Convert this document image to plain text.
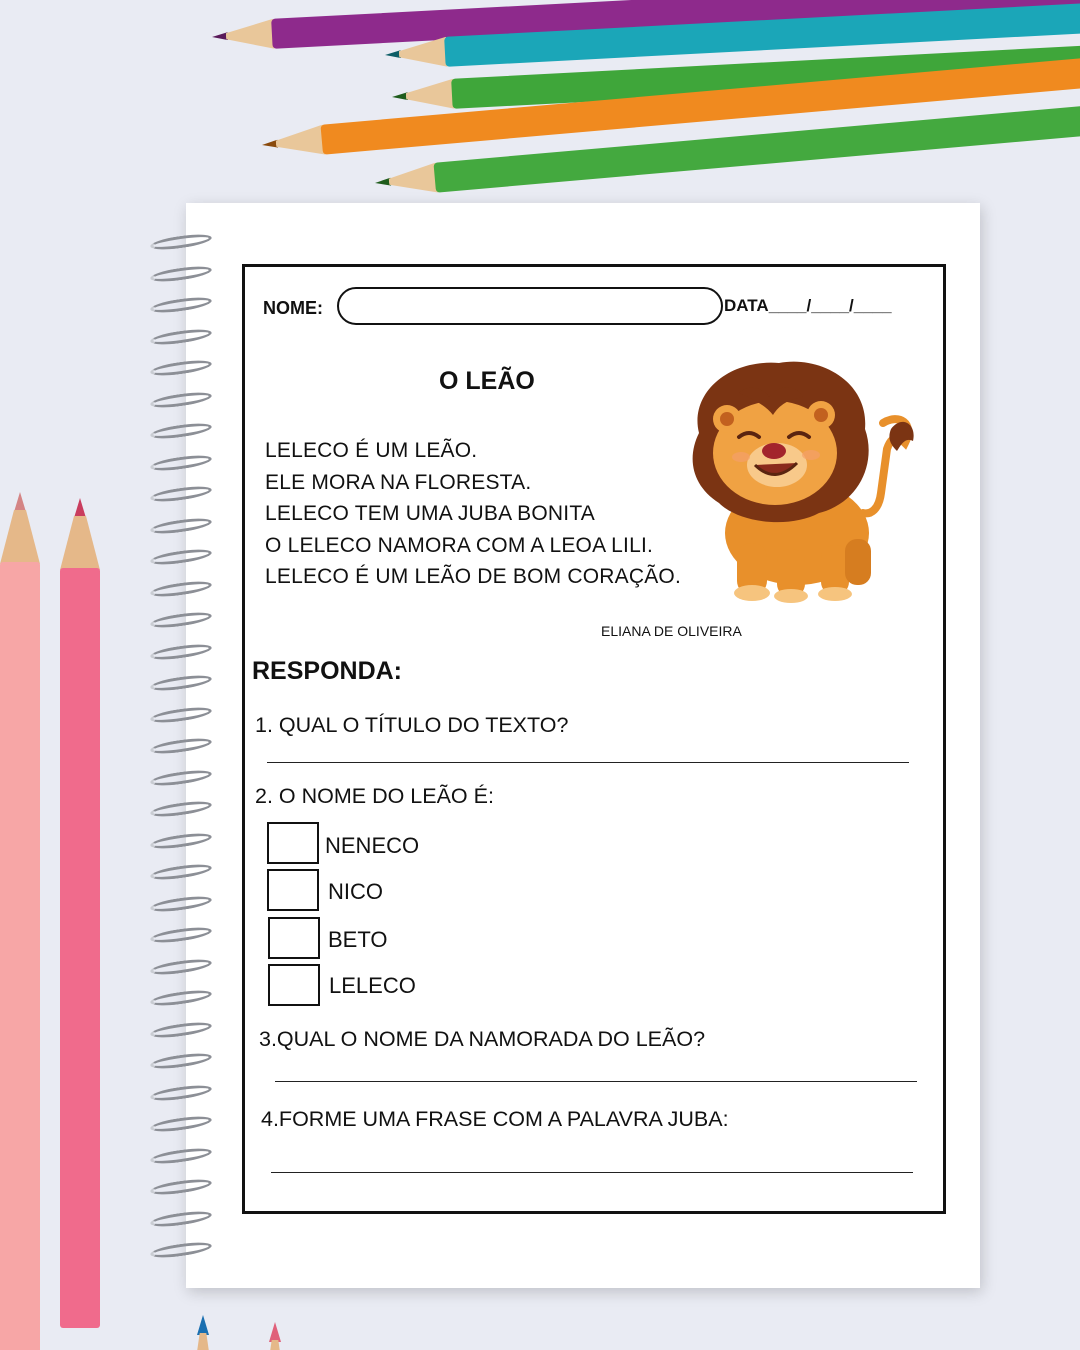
NOME:	DATA____/____/____
O LEÃO
LELECO É UM LEÃO.
ELE MORA NA FLORESTA.
LELECO TEM UMA JUBA BONITA
O LELECO NAMORA COM A LEOA LILI.
LELECO É UM LEÃO DE BOM CORAÇÃO.
ELIANA DE OLIVEIRA
RESPONDA:
1. QUAL O TÍTULO DO TEXTO?
2. O NOME DO LEÃO É:
NENECO
NICO
BETO
LELECO
3.QUAL O NOME DA NAMORADA DO LEÃO?
4.FORME UMA FRASE COM A PALAVRA JUBA:
